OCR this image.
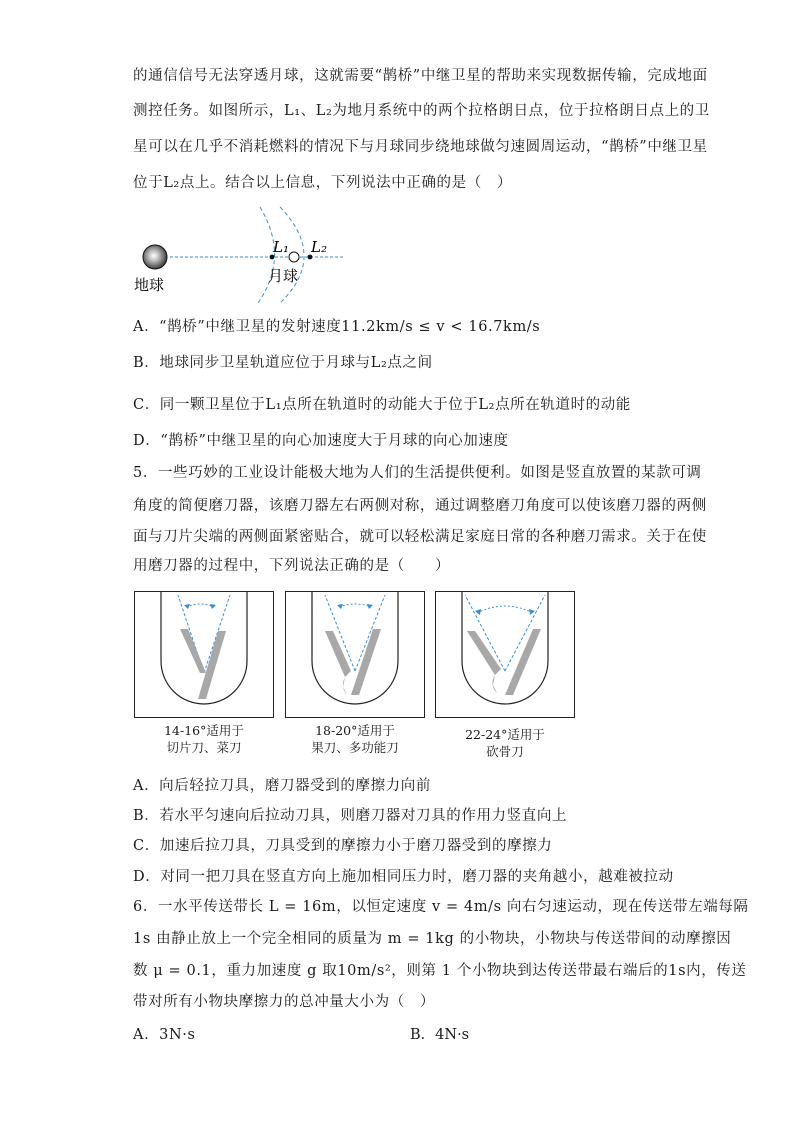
的通信信号无法穿透月球，这就需要“鹊桥”中继卫星的帮助来实现数据传输，完成地面
测控任务。如图所示，L₁、L₂为地月系统中的两个拉格朗日点，位于拉格朗日点上的卫
星可以在几乎不消耗燃料的情况下与月球同步绕地球做匀速圆周运动，“鹊桥”中继卫星
位于L₂点上。结合以上信息，下列说法中正确的是（　）
L₁ L₂
地球	月球
A．“鹊桥”中继卫星的发射速度11.2km/s ≤ v < 16.7km/s
B．地球同步卫星轨道应位于月球与L₂点之间
C．同一颗卫星位于L₁点所在轨道时的动能大于位于L₂点所在轨道时的动能
D．“鹊桥”中继卫星的向心加速度大于月球的向心加速度
5．一些巧妙的工业设计能极大地为人们的生活提供便利。如图是竖直放置的某款可调
角度的简便磨刀器，该磨刀器左右两侧对称，通过调整磨刀角度可以使该磨刀器的两侧
面与刀片尖端的两侧面紧密贴合，就可以轻松满足家庭日常的各种磨刀需求。关于在使
用磨刀器的过程中，下列说法正确的是（　　）
14-16°适用于
切片刀、菜刀
18-20°适用于
果刀、多功能刀
22-24°适用于
砍骨刀
A．向后轻拉刀具，磨刀器受到的摩擦力向前
B．若水平匀速向后拉动刀具，则磨刀器对刀具的作用力竖直向上
C．加速后拉刀具，刀具受到的摩擦力小于磨刀器受到的摩擦力
D．对同一把刀具在竖直方向上施加相同压力时，磨刀器的夹角越小，越难被拉动
6．一水平传送带长 L = 16m，以恒定速度 v = 4m/s 向右匀速运动，现在传送带左端每隔
1s 由静止放上一个完全相同的质量为 m = 1kg 的小物块，小物块与传送带间的动摩擦因
数 μ = 0.1，重力加速度 g 取10m/s²，则第 1 个小物块到达传送带最右端后的1s内，传送
带对所有小物块摩擦力的总冲量大小为（　）
A．3N·s	B．4N·s
